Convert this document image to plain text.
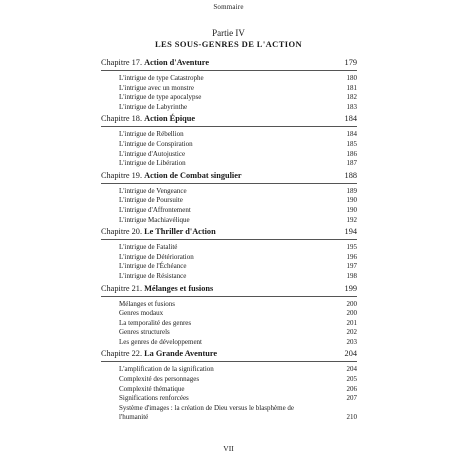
Sommaire
Partie IV
LES SOUS-GENRES DE L'ACTION
Chapitre 17. Action d'Aventure	179
L'intrigue de type Catastrophe	180
L'intrigue avec un monstre	181
L'intrigue de type apocalypse	182
L'intrigue de Labyrinthe	183
Chapitre 18. Action Épique	184
L'intrigue de Rébellion	184
L'intrigue de Conspiration	185
L'intrigue d'Autojustice	186
L'intrigue de Libération	187
Chapitre 19. Action de Combat singulier	188
L'intrigue de Vengeance	189
L'intrigue de Poursuite	190
L'intrigue d'Affrontement	190
L'intrigue Machiavélique	192
Chapitre 20. Le Thriller d'Action	194
L'intrigue de Fatalité	195
L'intrigue de Détérioration	196
L'intrigue de l'Échéance	197
L'intrigue de Résistance	198
Chapitre 21. Mélanges et fusions	199
Mélanges et fusions	200
Genres modaux	200
La temporalité des genres	201
Genres structurels	202
Les genres de développement	203
Chapitre 22. La Grande Aventure	204
L'amplification de la signification	204
Complexité des personnages	205
Complexité thématique	206
Significations renforcées	207
Système d'images : la création de Dieu versus le blasphème de l'humanité	210
VII
